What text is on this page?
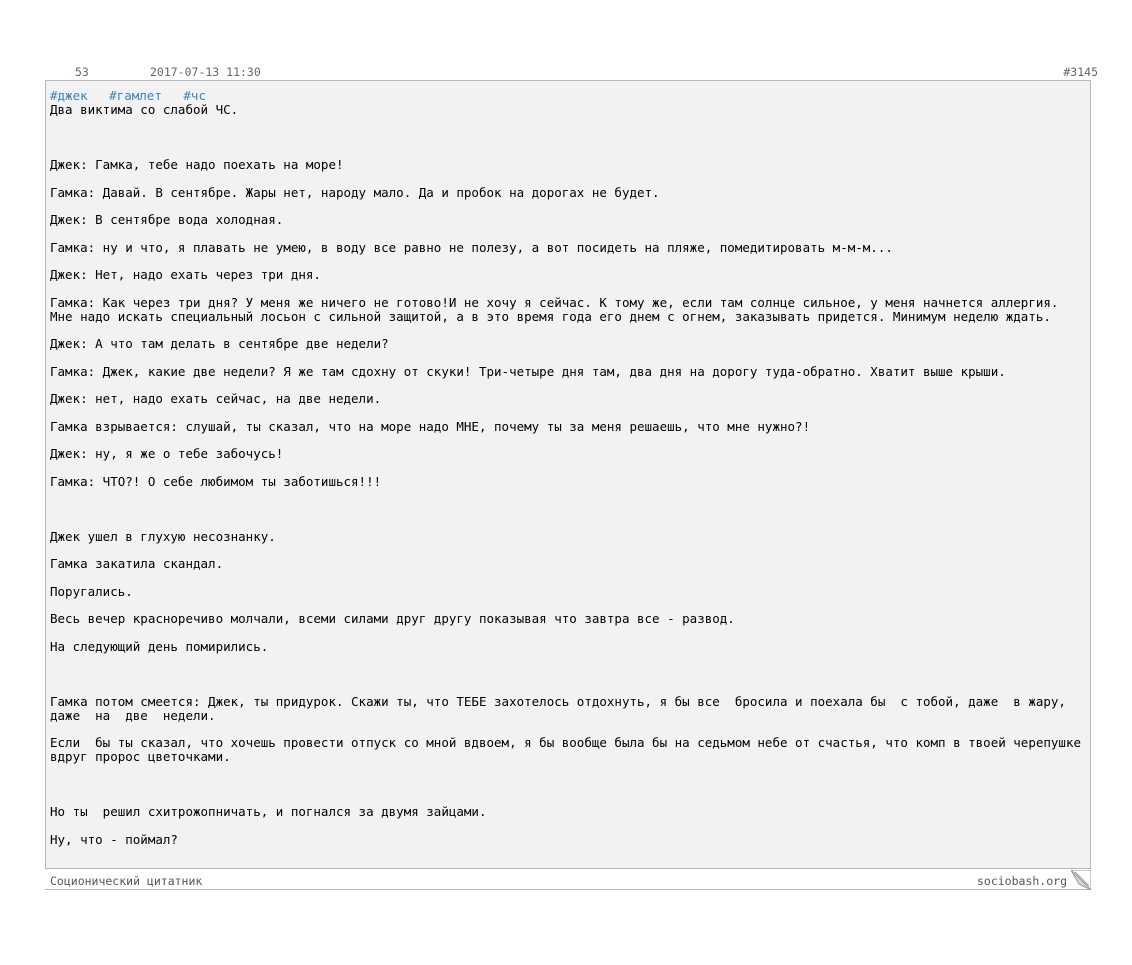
53	2017-07-13 11:30	#3145
#джек #гамлет #чс
Два виктима со слабой ЧС.
Джек: Гамка, тебе надо поехать на море!
Гамка: Давай. В сентябре. Жары нет, народу мало. Да и пробок на дорогах не будет.
Джек: В сентябре вода холодная.
Гамка: ну и что, я плавать не умею, в воду все равно не полезу, а вот посидеть на пляже, помедитировать м-м-м...
Джек: Нет, надо ехать через три дня.
Гамка: Как через три дня? У меня же ничего не готово!И не хочу я сейчас. К тому же, если там солнце сильное, у меня начнется аллергия. Мне надо искать специальный лосьон с сильной защитой, а в это время года его днем с огнем, заказывать придется. Минимум неделю ждать.
Джек: А что там делать в сентябре две недели?
Гамка: Джек, какие две недели? Я же там сдохну от скуки! Три-четыре дня там, два дня на дорогу туда-обратно. Хватит выше крыши.
Джек: нет, надо ехать сейчас, на две недели.
Гамка взрывается: слушай, ты сказал, что на море надо МНЕ, почему ты за меня решаешь, что мне нужно?!
Джек: ну, я же о тебе забочусь!
Гамка: ЧТО?! О себе любимом ты заботишься!!!
Джек ушел в глухую несознанку.
Гамка закатила скандал.
Поругались.
Весь вечер красноречиво молчали, всеми силами друг другу показывая что завтра все - развод.
На следующий день помирились.
Гамка потом смеется: Джек, ты придурок. Скажи ты, что ТЕБЕ захотелось отдохнуть, я бы все  бросила и поехала бы  с тобой, даже  в жару, даже  на  две  недели.
Если  бы ты сказал, что хочешь провести отпуск со мной вдвоем, я бы вообще была бы на седьмом небе от счастья, что комп в твоей черепушке вдруг пророс цветочками.
Но ты  решил схитрожопничать, и погнался за двумя зайцами.
Ну, что - поймал?
Соционический цитатник	sociobash.org
